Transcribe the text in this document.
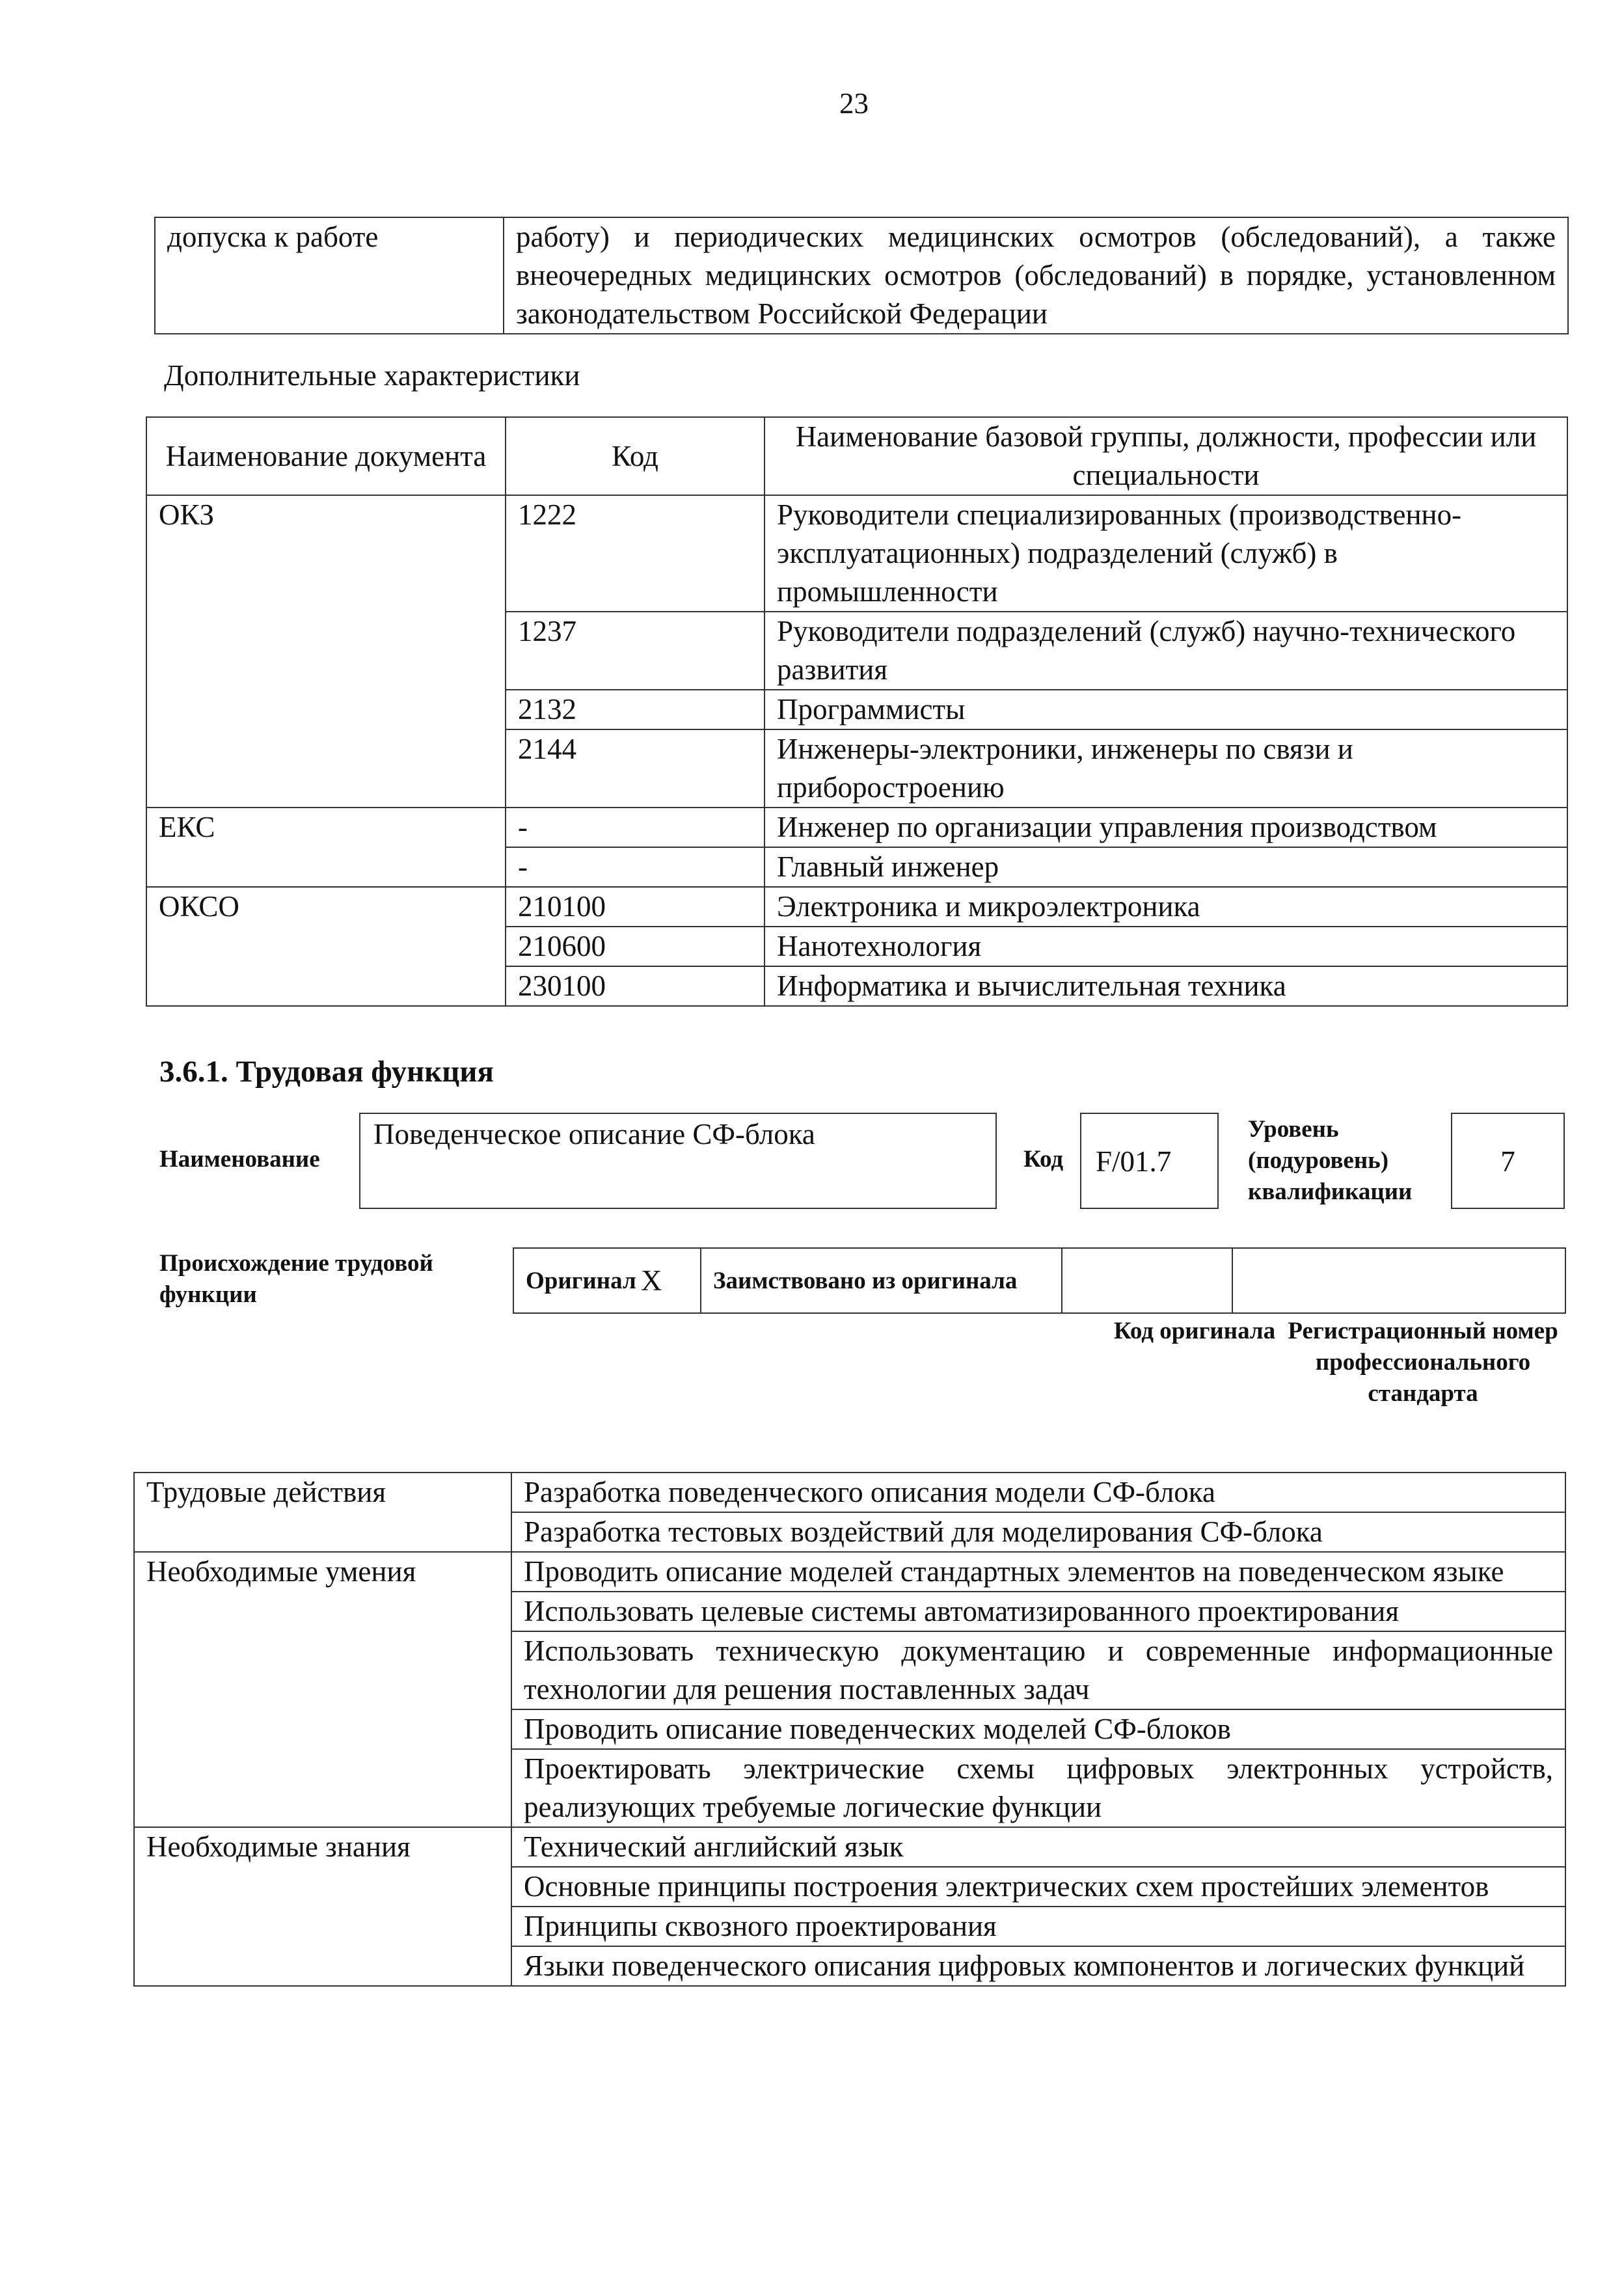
23
допуска к работе	работу) и периодических медицинских осмотров (обследований), а также внеочередных медицинских осмотров (обследований) в порядке, установленном законодательством Российской Федерации
Дополнительные характеристики
Наименование документа	Код	Наименование базовой группы, должности, профессии или специальности
ОКЗ	1222	Руководители специализированных (производственно-эксплуатационных) подразделений (служб) в промышленности
	1237	Руководители подразделений (служб) научно-технического развития
	2132	Программисты
	2144	Инженеры-электроники, инженеры по связи и приборостроению
ЕКС	-	Инженер по организации управления производством
	-	Главный инженер
ОКСО	210100	Электроника и микроэлектроника
	210600	Нанотехнология
	230100	Информатика и вычислительная техника
3.6.1. Трудовая функция
Наименование
Поведенческое описание СФ-блока
Код	F/01.7
Уровень (подуровень) квалификации
7
Происхождение трудовой функции
Оригинал	X	Заимствовано из оригинала		
Код оригинала Регистрационный номер профессионального стандарта
Трудовые действия	Разработка поведенческого описания модели СФ-блока
	Разработка тестовых воздействий для моделирования СФ-блока
Необходимые умения	Проводить описание моделей стандартных элементов на поведенческом языке
	Использовать целевые системы автоматизированного проектирования
	Использовать техническую документацию и современные информационные технологии для решения поставленных задач
	Проводить описание поведенческих моделей СФ-блоков
	Проектировать электрические схемы цифровых электронных устройств, реализующих требуемые логические функции
Необходимые знания	Технический английский язык
	Основные принципы построения электрических схем простейших элементов
	Принципы сквозного проектирования
	Языки поведенческого описания цифровых компонентов и логических функций
